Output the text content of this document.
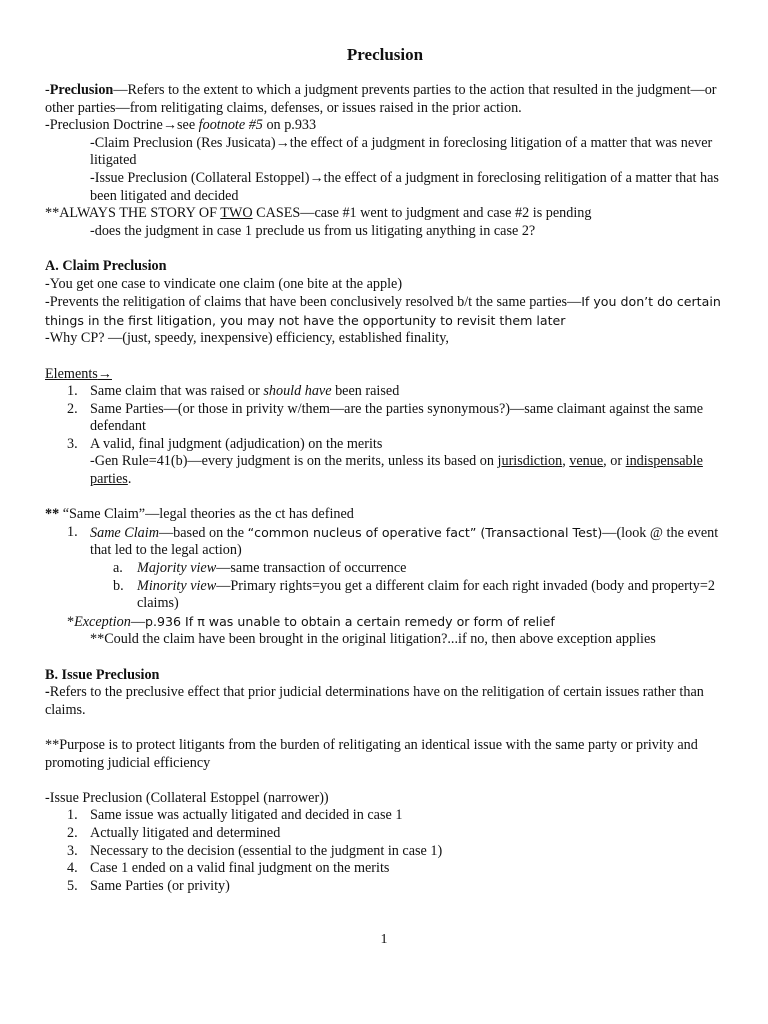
Preclusion

-Preclusion—Refers to the extent to which a judgment prevents parties to the action that resulted in the judgment—or other parties—from relitigating claims, defenses, or issues raised in the prior action.

-Preclusion Doctrine→see footnote #5 on p.933

-Claim Preclusion (Res Jusicata)→the effect of a judgment in foreclosing litigation of a matter that was never litigated

-Issue Preclusion (Collateral Estoppel)→the effect of a judgment in foreclosing relitigation of a matter that has been litigated and decided

**ALWAYS THE STORY OF TWO CASES—case #1 went to judgment and case #2 is pending

-does the judgment in case 1 preclude us from us litigating anything in case 2?

A. Claim Preclusion

-You get one case to vindicate one claim (one bite at the apple)

-Prevents the relitigation of claims that have been conclusively resolved b/t the same parties—If you don’t do certain things in the first litigation, you may not have the opportunity to revisit them later

-Why CP? —(just, speedy, inexpensive) efficiency, established finality,

Elements→

1. Same claim that was raised or should have been raised
2. Same Parties—(or those in privity w/them—are the parties synonymous?)—same claimant against the same defendant
3. A valid, final judgment (adjudication) on the merits
-Gen Rule=41(b)—every judgment is on the merits, unless its based on jurisdiction, venue, or indispensable parties.

** “Same Claim”—legal theories as the ct has defined

1. Same Claim—based on the “common nucleus of operative fact” (Transactional Test)—(look @ the event that led to the legal action)
a. Majority view—same transaction of occurrence
b. Minority view—Primary rights=you get a different claim for each right invaded (body and property=2 claims)

*Exception—p.936 If π was unable to obtain a certain remedy or form of relief

**Could the claim have been brought in the original litigation?...if no, then above exception applies

B. Issue Preclusion

-Refers to the preclusive effect that prior judicial determinations have on the relitigation of certain issues rather than claims.

**Purpose is to protect litigants from the burden of relitigating an identical issue with the same party or privity and promoting judicial efficiency

-Issue Preclusion (Collateral Estoppel (narrower))

1. Same issue was actually litigated and decided in case 1
2. Actually litigated and determined
3. Necessary to the decision (essential to the judgment in case 1)
4. Case 1 ended on a valid final judgment on the merits
5. Same Parties (or privity)
1
